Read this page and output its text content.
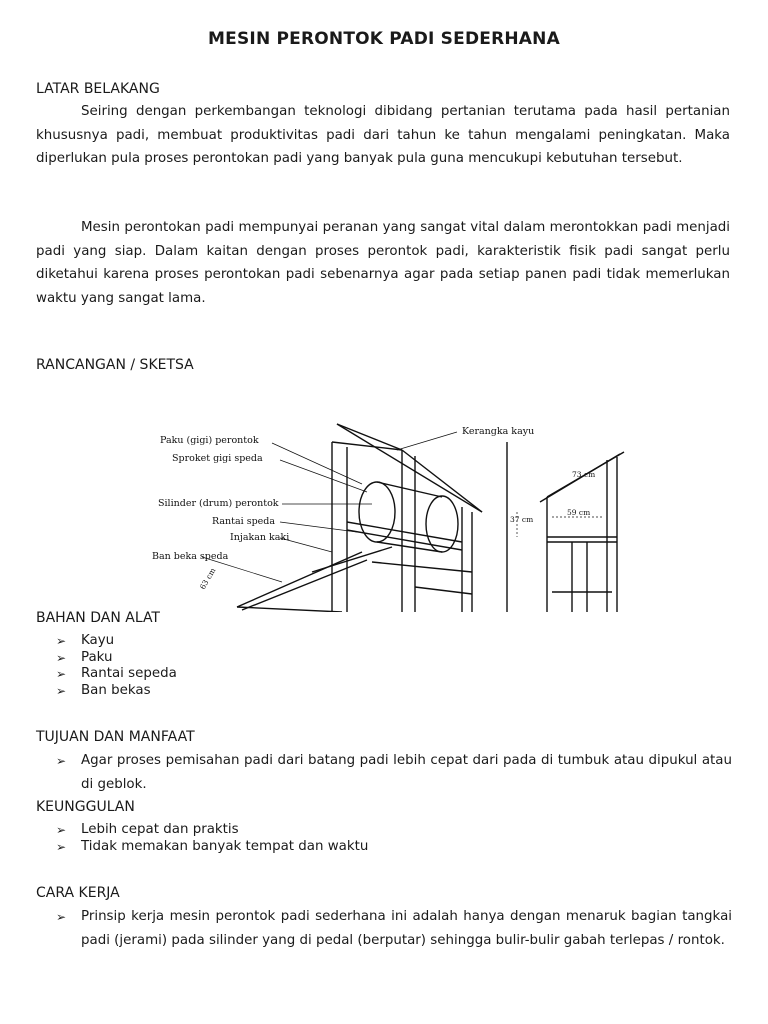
MESIN PERONTOK PADI SEDERHANA
LATAR BELAKANG

Seiring dengan perkembangan teknologi dibidang pertanian terutama pada hasil pertanian khususnya padi, membuat produktivitas padi dari tahun ke tahun mengalami peningkatan. Maka diperlukan pula proses perontokan padi yang banyak pula guna mencukupi kebutuhan tersebut.

Mesin perontokan padi mempunyai peranan yang sangat vital dalam merontokkan padi menjadi padi yang siap. Dalam kaitan dengan proses perontok padi, karakteristik fisik padi sangat perlu diketahui karena proses perontokan padi sebenarnya agar pada setiap panen padi tidak memerlukan waktu yang sangat lama.

RANCANGAN / SKETSA
Paku (gigi) perontok
Sproket gigi speda
Silinder (drum) perontok
Rantai speda
Injakan kaki
Ban beka speda
Kerangka kayu
37 cm
59 cm
73 cm
63 cm
BAHAN DAN ALAT
➢ Kayu
➢ Paku
➢ Rantai sepeda
➢ Ban bekas
TUJUAN DAN MANFAAT
➢ Agar proses pemisahan padi dari batang padi lebih cepat dari pada di tumbuk atau dipukul atau di geblok.
KEUNGGULAN
➢ Lebih cepat dan praktis
➢ Tidak memakan banyak tempat dan waktu
CARA KERJA
➢ Prinsip kerja mesin perontok padi sederhana ini adalah hanya dengan menaruk bagian tangkai padi (jerami) pada silinder yang di pedal (berputar) sehingga bulir-bulir gabah terlepas / rontok.
